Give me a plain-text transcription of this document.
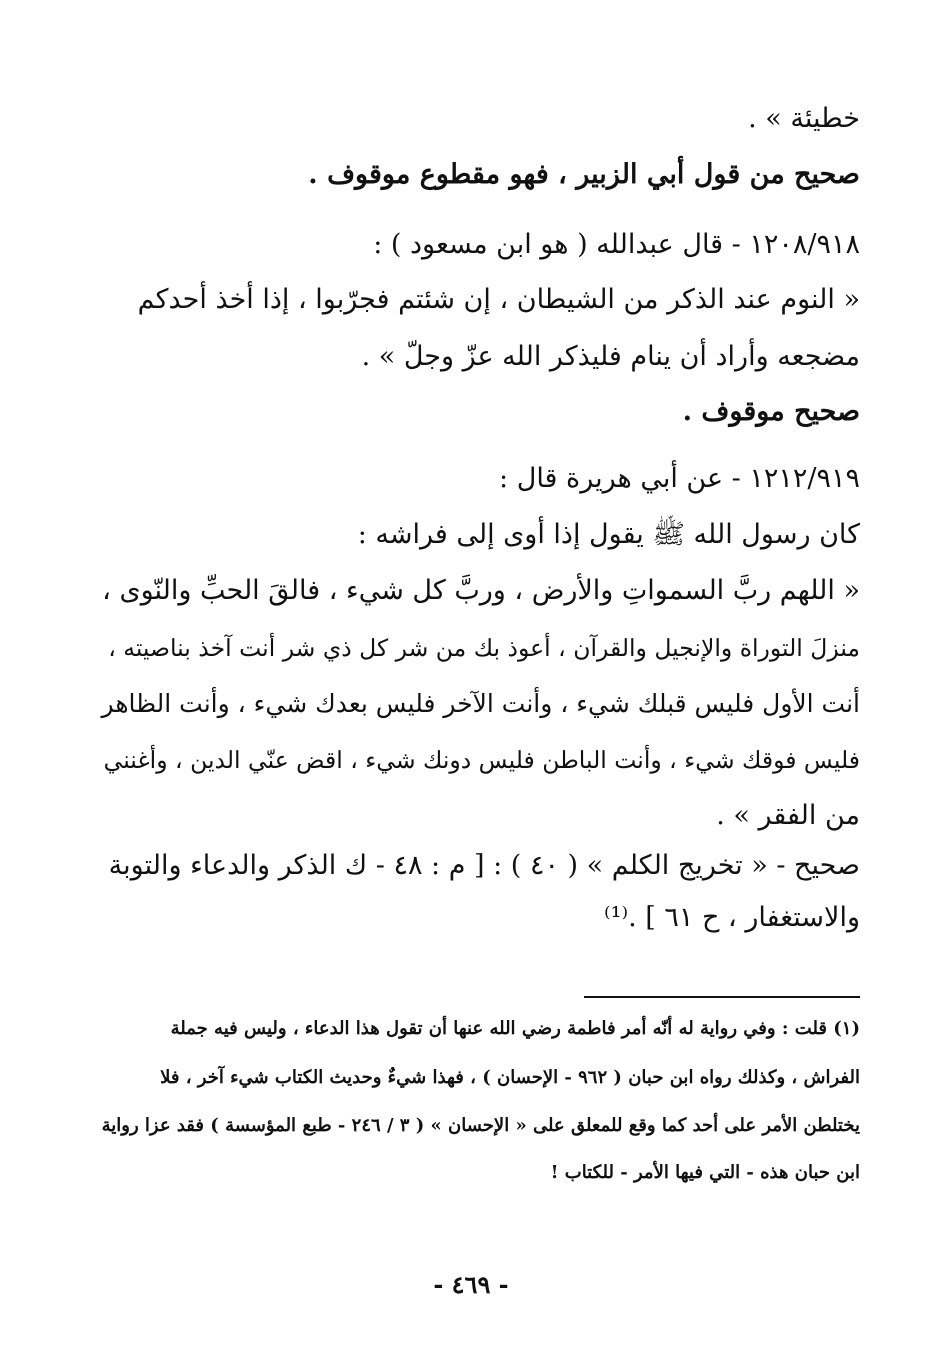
خطيئة » .
صحيح من قول أبي الزبير ، فهو مقطوع موقوف .
١٢٠٨/٩١٨ - قال عبدالله ( هو ابن مسعود ) :
« النوم عند الذكر من الشيطان ، إن شئتم فجرّبوا ، إذا أخذ أحدكم
مضجعه وأراد أن ينام فليذكر الله عزّ وجلّ » .
صحيح موقوف .
١٢١٢/٩١٩ - عن أبي هريرة قال :
كان رسول الله ﷺ يقول إذا أوى إلى فراشه :
« اللهم ربَّ السمواتِ والأرض ، وربَّ كل شيء ، فالقَ الحبِّ والنّوى ،
منزلَ التوراة والإنجيل والقرآن ، أعوذ بك من شر كل ذي شر أنت آخذ بناصيته ،
أنت الأول فليس قبلك شيء ، وأنت الآخر فليس بعدك شيء ، وأنت الظاهر
فليس فوقك شيء ، وأنت الباطن فليس دونك شيء ، اقض عنّي الدين ، وأغنني
من الفقر » .
صحيح - « تخريج الكلم » ( ٤٠ ) : [ م : ٤٨ - ك الذكر والدعاء والتوبة
والاستغفار ، ح ٦١ ] .⁽¹⁾
(١) قلت : وفي رواية له أنّه أمر فاطمة رضي الله عنها أن تقول هذا الدعاء ، وليس فيه جملة
الفراش ، وكذلك رواه ابن حبان ( ٩٦٢ - الإحسان ) ، فهذا شيءٌ وحديث الكتاب شيء آخر ، فلا
يختلطن الأمر على أحد كما وقع للمعلق على « الإحسان » ( ٣ / ٢٤٦ - طبع المؤسسة ) فقد عزا رواية
ابن حبان هذه - التي فيها الأمر - للكتاب !
- ٤٦٩ -
